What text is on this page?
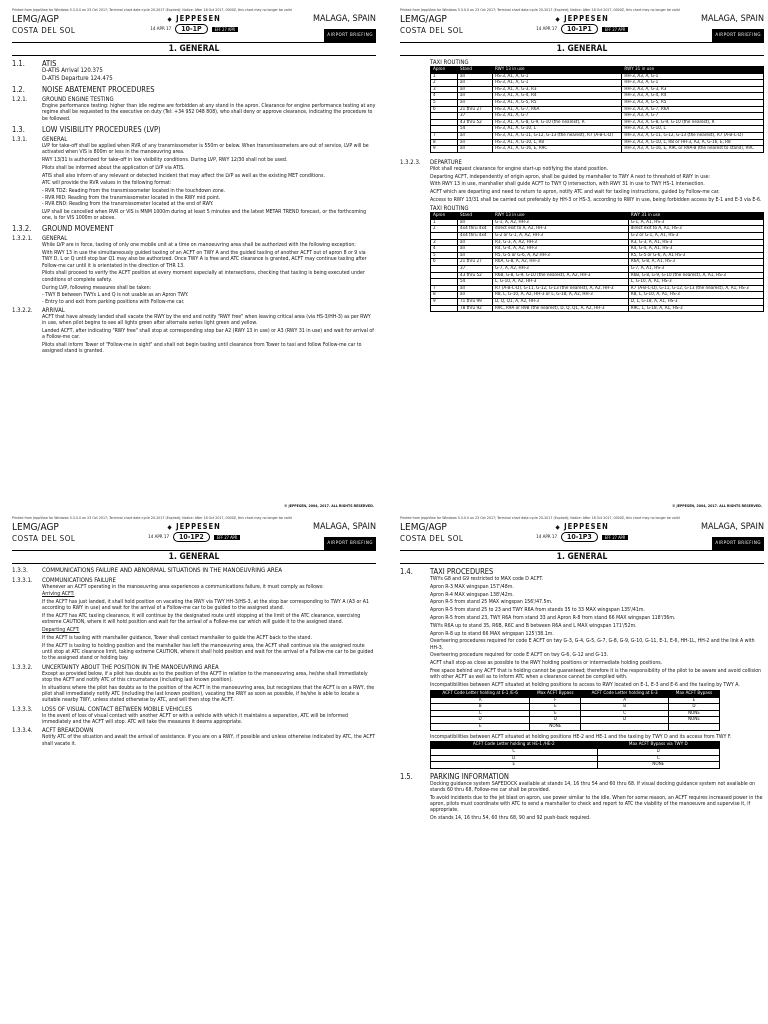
Printed from JeppView for Windows 5.3.0.0 on 23 Oct 2017; Terminal chart data cycle 20-2017 (Expired); Notice: After 18 Oct 2017, 0000Z, this chart may no longer be valid
LEMG/AGP
COSTA DEL SOL
◆ JEPPESEN
14 APR 17	10-1P	EFF 27 APR
MALAGA, SPAIN
AIRPORT BRIEFING
1. GENERAL
1.1.	ATIS
D-ATIS Arrival 120.375
D-ATIS Departure 124.475
1.2.	NOISE ABATEMENT PROCEDURES
1.2.1.	GROUND ENGINE TESTING
Engine performance testing: higher than idle regime are forbidden at any stand in the apron. Clearance for engine performance testing at any regime shall be requested to the executive on duty (Tel: +34 952 048 808), who shall deny or approve clearance, indicating the procedure to be followed.
1.3.	LOW VISIBILITY PROCEDURES (LVP)
1.3.1.	GENERAL
LVP for take-off shall be applied when RVR of any transmissometer is 550m or below. When transmissometers are out of service, LVP will be activated when VIS is 800m or less in the manoeuvring area.
RWY 13/31 is authorized for take-off in low visibility conditions. During LVP, RWY 12/30 shall not be used.
Pilots shall be informed about the application of LVP via ATIS.
ATIS shall also inform of any relevant or detected incident that may affect the LVP as well as the existing MET conditions.
ATC will provide the RVR values in the following format:
- RVR TDZ: Reading from the transmissometer located in the touchdown zone.
- RVR MID: Reading from the transmissometer located in the RWY mid point.
- RVR END: Reading from the transmissometer located at the end of RWY.
LVP shall be cancelled when RVR or VIS is MNM 1000m during at least 5 minutes and the latest METAR TREND forecast, or the forthcoming one, is for VIS 1000m or above.
1.3.2.	GROUND MOVEMENT
1.3.2.1.	GENERAL
While LVP are in force, taxiing of only one mobile unit at a time on manoeuvring area shall be authorized with the following exception:
With RWY 13 in use the simultaneously guided taxiing of an ACFT on TWY A and the guided taxiing of another ACFT out of apron 8 or 9 via TWY D, L or Q until stop bar Q1 may also be authorized. Once TWY A is free and ATC clearance is granted, ACFT may continue taxiing after Follow-me car until it is orientated in the direction of THR 13.
Pilots shall proceed to verify the ACFT position at every moment especially at intersections, checking that taxiing is being executed under conditions of complete safety.
During LVP, following measures shall be taken:
- TWY B between TWYs L and Q is not usable as an Apron TWY.
- Entry to and exit from parking positions with Follow-me car.
1.3.2.2.	ARRIVAL
ACFT that have already landed shall vacate the RWY by the end and notify "RWY free" when leaving critical area (via HS-3/HH-3) as per RWY in use, when pilot begins to see all lights green after alternate series light green and yellow.
Landed ACFT, after indicating "RWY free" shall stop at corresponding stop bar A2 (RWY 13 in use) or A3 (RWY 31 in use) and wait for arrival of a Follow-me car.
Pilots shall inform Tower of "Follow-me in sight" and shall not begin taxiing until clearance from Tower to taxi and follow Follow-me car to assigned stand is granted.
© JEPPESEN, 2004, 2017. ALL RIGHTS RESERVED.
Printed from JeppView for Windows 5.3.0.0 on 23 Oct 2017; Terminal chart data cycle 20-2017 (Expired); Notice: After 18 Oct 2017, 0000Z, this chart may no longer be valid
LEMG/AGP
COSTA DEL SOL
◆ JEPPESEN
14 APR 17	10-1P1	EFF 27 APR
MALAGA, SPAIN
AIRPORT BRIEFING
1. GENERAL
TAXI ROUTING
Apron	Stand	RWY 13 in use	RWY 31 in use
1	all	HS-3, A1, A, G-1	HH-3, A3, A, G-1
2	all	HS-3, A1, A, G-1	HH-3, A3, A, G-1
3	all	HS-3, A1, A, G-3, R3	HH-3, A3, A, G-3, R3
4	all	HS-3, A1, A, G-4, R4	HH-3, A3, A, G-4, R4
5	all	HS-3, A1, A, G-5, R5	HH-3, A3, A, G-5, R5
6	21 thru 27	HS-3, A1, A, G-7, R6A	HH-3, A3, A, G-7, R6A
	37	HS-3, A1, A, G-7	HH-3, A3, A, G-7
	43 thru 52	HS-3, A1, A, G-8, G-9, G-10 (the nearest), R	HH-3, A3, A, G-8, G-9, G-10 (the nearest), R
	54	HS-3, A1, A, G-10, L	HH-3, A3, A, G-10, L
7	all	HS-3, A1, A, G-11, G-12, G-13 (the nearest), R7 (A-B-C-D)	HH-3, A3, A, G-11, G-12, G-13 (the nearest), R7 (A-B-C-D)
8	all	HS-3, A1, A, G-10, L, R8	HH-3, A3, A, G-10, L, R8 or HH-3, A3, A, G-16, E, R8
9	all	HS-3, A1, A, G-16, E, R9C	HH-3, A3, A, G-16, E, R9C or R9A-B (the nearest to stand), R9C
1.3.2.3.	DEPARTURE
Pilot shall request clearance for engine start-up notifying the stand position.
Departing ACFT, independently of origin apron, shall be guided by marshaller to TWY A next to threshold of RWY in use:
With RWY 13 in use, marshaller shall guide ACFT to TWY Q intersection, with RWY 31 in use to TWY HS-1 intersection.
ACFT which are departing and need to return to apron, notify ATC and wait for taxiing instructions, guided by Follow-me car.
Access to RWY 13/31 shall be carried out preferably by HH-3 or HS-3, according to RWY in use, being forbidden access by E-1 and E-3 via E-6.
TAXI ROUTING
Apron	Stand	RWY 13 in use	RWY 31 in use
1	all	G-1, A, A2, HH-3	G-1, A, A1, HS-3
2	4x4 thru 4x4	direct exit to A, A2, HH-3	direct exit to A, A1, HS-3
	4x4 thru 4x4	G-2 or G-1, A, A2, HH-3	G-2 or G-1, A, A1, HS-3
3	all	R3, G-3, A, A2, HH-3	R3, G-3, A, A1, HS-3
4	all	R4, G-4, A, A2, HH-3	R4, G-4, A, A1, HS-3
5	all	R5, G-5 or G-6, A, A2 HH-3	R5, G-5 or G-6, A, A1 HS-3
6	21 thru 27	R6A, G-8, A, A2, HH-3	R6A, G-8, A, A1, HS-3
	37	G-7, A, A2, HH-3	G-7, A, A1, HS-3
	43 thru 52	R6B, G-8, G-9, G-10 (the nearest), A, A2, HH-3	R6B, G-8, G-9, G-10 (the nearest), A, A1, HS-3
	54	L, G-10, A, A2, HH-3	L, G-10, A, A1, HS-3
7	all	R7 (A-B-C-D), G-11, G-12, G-13 (the nearest), A, A2, HH-3	R7 (A-B-C-D), G-11, G-12, G-13 (the nearest), A, A1, HS-3
8	all	R8, L, G-10, A, A2, HH-3 or L, G-18, A, A2, HH-3	R8, L, G-10, A, A1, HS-3
9	71 thru 99	D, Q, Q1, A, A2, HH-3	D, L, G-18, A, A1, HS-3
	78 thru 92	R9C, R9A or R9B (the nearest), D, Q, Q1, A, A2, HH-3	R9C, L, G-18, A, A1, HS-3
© JEPPESEN, 2004, 2017. ALL RIGHTS RESERVED.
Printed from JeppView for Windows 5.3.0.0 on 23 Oct 2017; Terminal chart data cycle 20-2017 (Expired); Notice: After 18 Oct 2017, 0000Z, this chart may no longer be valid
LEMG/AGP
COSTA DEL SOL
◆ JEPPESEN
14 APR 17	10-1P2	EFF 27 APR
MALAGA, SPAIN
AIRPORT BRIEFING
1. GENERAL
1.3.3.	COMMUNICATIONS FAILURE AND ABNORMAL SITUATIONS IN THE MANOEUVRING AREA
1.3.3.1.	COMMUNICATIONS FAILURE
Whenever an ACFT operating in the manoeuvring area experiences a communications failure, it must comply as follows:
Arriving ACFT:
If the ACFT has just landed, it shall hold position on vacating the RWY via TWY HH-3/HS-3, at the stop bar corresponding to TWY A (A3 or A1 according to RWY in use) and wait for the arrival of a Follow-me car to be guided to the assigned stand.
If the ACFT has ATC taxiing clearance, it will continue by the designated route until stopping at the limit of the ATC clearance, exercising extreme CAUTION, where it will hold position and wait for the arrival of a Follow-me car which will guide it to the assigned stand.
Departing ACFT:
If the ACFT is taxiing with marshaller guidance, Tower shall contact marshaller to guide the ACFT back to the stand.
If the ACFT is taxiing to holding position and the marshaller has left the manoeuvring area, the ACFT shall continue via the assigned route until stop at ATC clearance limit, taking extreme CAUTION, where it shall hold position and wait for the arrival of a Follow-me car to be guided to the assigned stand or holding bay.
1.3.3.2.	UNCERTAINTY ABOUT THE POSITION IN THE MANOEUVRING AREA
Except as provided below, if a pilot has doubts as to the position of the ACFT in relation to the manoeuvring area, he/she shall immediately stop the ACFT and notify ATC of this circumstance (including last known position).
In situations where the pilot has doubts as to the position of the ACFT in the manoeuvring area, but recognizes that the ACFT is on a RWY, the pilot shall immediately notify ATC (including the last known position), vacating the RWY as soon as possible, if he/she is able to locate a suitable nearby TWY, unless stated otherwise by ATC, and will then stop the ACFT.
1.3.3.3.	LOSS OF VISUAL CONTACT BETWEEN MOBILE VEHICLES
In the event of loss of visual contact with another ACFT or with a vehicle with which it maintains a separation, ATC will be informed immediately and the ACFT will stop. ATC will take the measures it deems appropriate.
1.3.3.4.	ACFT BREAKDOWN
Notify ATC of the situation and await the arrival of assistance. If you are on a RWY, if possible and unless otherwise indicated by ATC, the ACFT shall vacate it.
Printed from JeppView for Windows 5.3.0.0 on 23 Oct 2017; Terminal chart data cycle 20-2017 (Expired); Notice: After 18 Oct 2017, 0000Z, this chart may no longer be valid
LEMG/AGP
COSTA DEL SOL
◆ JEPPESEN
14 APR 17	10-1P3	EFF 27 APR
MALAGA, SPAIN
AIRPORT BRIEFING
1. GENERAL
1.4.	TAXI PROCEDURES
TWYs G8 and G9 restricted to MAX code D ACFT.
Apron R-3 MAX wingspan 157'/48m.
Apron R-4 MAX wingspan 138'/42m.
Apron R-5 from stand 25 MAX wingspan 156'/47.5m.
Apron R-5 from stand 25 to 23 and TWY R6A from stands 35 to 33 MAX wingspan 135'/41m.
Apron R-5 from stand 23, TWY R6A from stand 33 and Apron R-8 from stand 66 MAX wingspan 118'/36m.
TWYs R6A up to stand 35, R6B, R6C and B between R6A and L MAX wingspan 171'/52m.
Apron R-8 up to stand 66 MAX wingspan 125'/38.1m.
Overteering procedures required for code E ACFT on twy G-3, G-4, G-5, G-7, G-8, G-9, G-10, G-11, E-1, E-6, HH-1L, HH-2 and the link A with HH-3.
Overteering procedure required for code E ACFT on twy G-6, G-12 and G-13.
ACFT shall stop as close as possible to the RWY holding positions or intermediate holding positions.
Free space behind any ACFT that is holding cannot be guaranteed; therefore it is the responsibility of the pilot to be aware and avoid collision with other ACFT as well as to inform ATC when a clearance cannot be complied with.
Incompatibilities between ACFT situated at holding positions to access to RWY located on E-1, E-3 and E-6 and the taxiing by TWY A.
ACFT Code Letter holding at E-1 /E-6	Max ACFT Bypass	ACFT Code Letter holding at E-3	Max ACFT Bypass
A	F	A	E
B	E	B	D
C	E	C	NONE
D	D	D	NONE
E	NONE		
Incompatibilities between ACFT situated at holding positions HE-2 and HE-1 and the taxiing by TWY D and its access from TWY F.
ACFT Code Letter holding at HE-1 /HE-2	Max ACFT Bypass via TWY D
C	D
D	C
E	NONE
1.5.	PARKING INFORMATION
Docking guidance system SAFEDOCK available at stands 14, 16 thru 54 and 60 thru 68. If visual docking guidance system not available on stands 60 thru 68, Follow-me car shall be provided.
To avoid incidents due to the jet blast on apron, use power similar to the idle. When for some reason, an ACFT requires increased power in the apron, pilots must coordinate with ATC to send a marshaller to check and report to ATC the viability of the manoeuvre and supervise it, if appropriate.
On stands 14, 16 thru 54, 60 thru 68, 90 and 92 push-back required.
